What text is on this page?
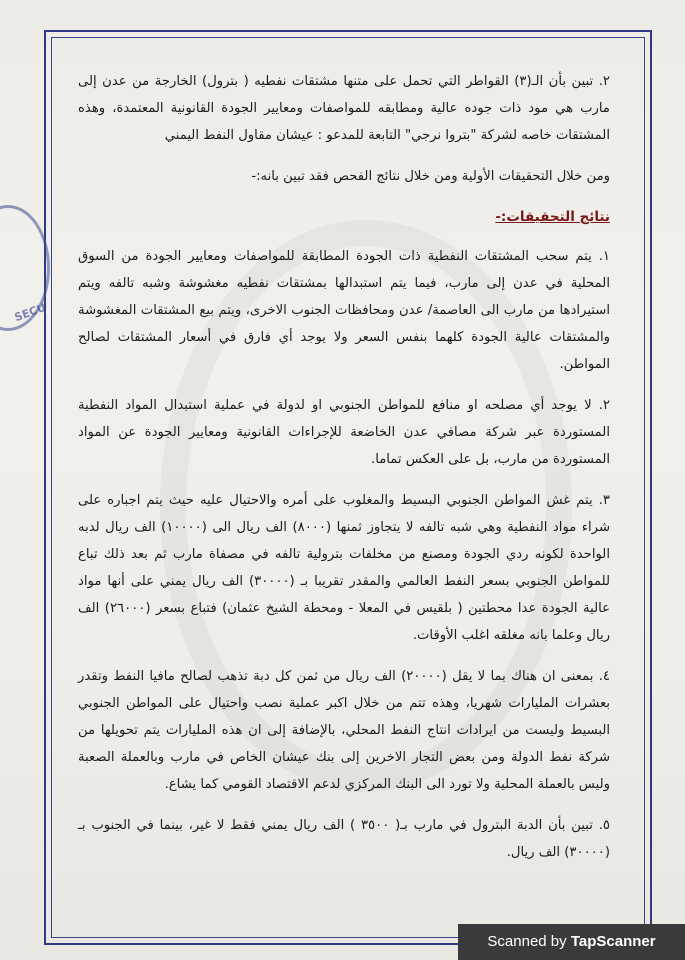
SECU

٢. تبين بأن الـ(٣) القواطر التي تحمل على متنها مشتقات نفطيه ( بترول) الخارجة من عدن إلى مارب هي مود ذات جوده عالية ومطابقه للمواصفات ومعايير الجودة القانونية المعتمدة، وهذه المشتقات خاصه لشركة "بتروا نرجي" التابعة للمدعو : عيشان مقاول النفط اليمني

ومن خلال التحقيقات الأولية ومن خلال نتائج الفحص فقد تبين بانه:-

نتائج التحقيقات:-

١. يتم سحب المشتقات النفطية ذات الجودة المطابقة للمواصفات ومعايير الجودة من السوق المحلية في عدن إلى مارب، فيما يتم استبدالها بمشتقات نفطيه مغشوشة وشبه تالفه ويتم استيرادها من مارب الى العاصمة/ عدن ومحافظات الجنوب الاخرى، ويتم بيع المشتقات المغشوشة والمشتقات عالية الجودة كلهما بنفس السعر ولا يوجد أي فارق في أسعار المشتقات لصالح المواطن.

٢. لا يوجد أي مصلحه او منافع للمواطن الجنوبي او لدولة في عملية استبدال المواد النفطية المستوردة عبر شركة مصافي عدن الخاضعة للإجراءات القانونية ومعايير الجودة عن المواد المستوردة من مارب، بل على العكس تماما.

٣. يتم غش المواطن الجنوبي البسيط والمغلوب على أمره والاحتيال عليه حيث يتم اجباره على شراء مواد النفطية وهي شبه تالفه لا يتجاوز ثمنها (٨٠٠٠) الف ريال الى (١٠٠٠٠) الف ريال لدبه الواحدة لكونه ردي الجودة ومصنع من مخلفات بترولية تالفه في مصفاة مارب ثم بعد ذلك تباع للمواطن الجنوبي بسعر النفط العالمي والمقدر تقريبا بـ (٣٠٠٠٠) الف ريال يمني على أنها مواد عالية الجودة عدا محطتين ( بلقيس في المعلا - ومحطة الشيخ عثمان) فتباع بسعر (٢٦٠٠٠) الف ريال وعلما بانه مغلقه اغلب الأوقات.

٤. بمعنى ان هناك بما لا يقل (٢٠٠٠٠) الف ريال من ثمن كل دبة تذهب لصالح مافيا النفط وتقدر بعشرات المليارات شهريا، وهذه تتم من خلال اكبر عملية نصب واحتيال على المواطن الجنوبي البسيط وليست من ايرادات انتاج النفط المحلي، بالإضافة إلى ان هذه المليارات يتم تحويلها من شركة نفط الدولة ومن بعض التجار الاخرين إلى بنك عيشان الخاص في مارب وبالعملة الصعبة وليس بالعملة المحلية ولا تورد الى البنك المركزي لدعم الاقتصاد القومي كما يشاع.

٥. تبين بأن الدبة البترول في مارب بـ( ٣٥٠٠ ) الف ريال يمني فقط لا غير، بينما في الجنوب بـ (٣٠٠٠٠) الف ريال.

Scanned by TapScanner
